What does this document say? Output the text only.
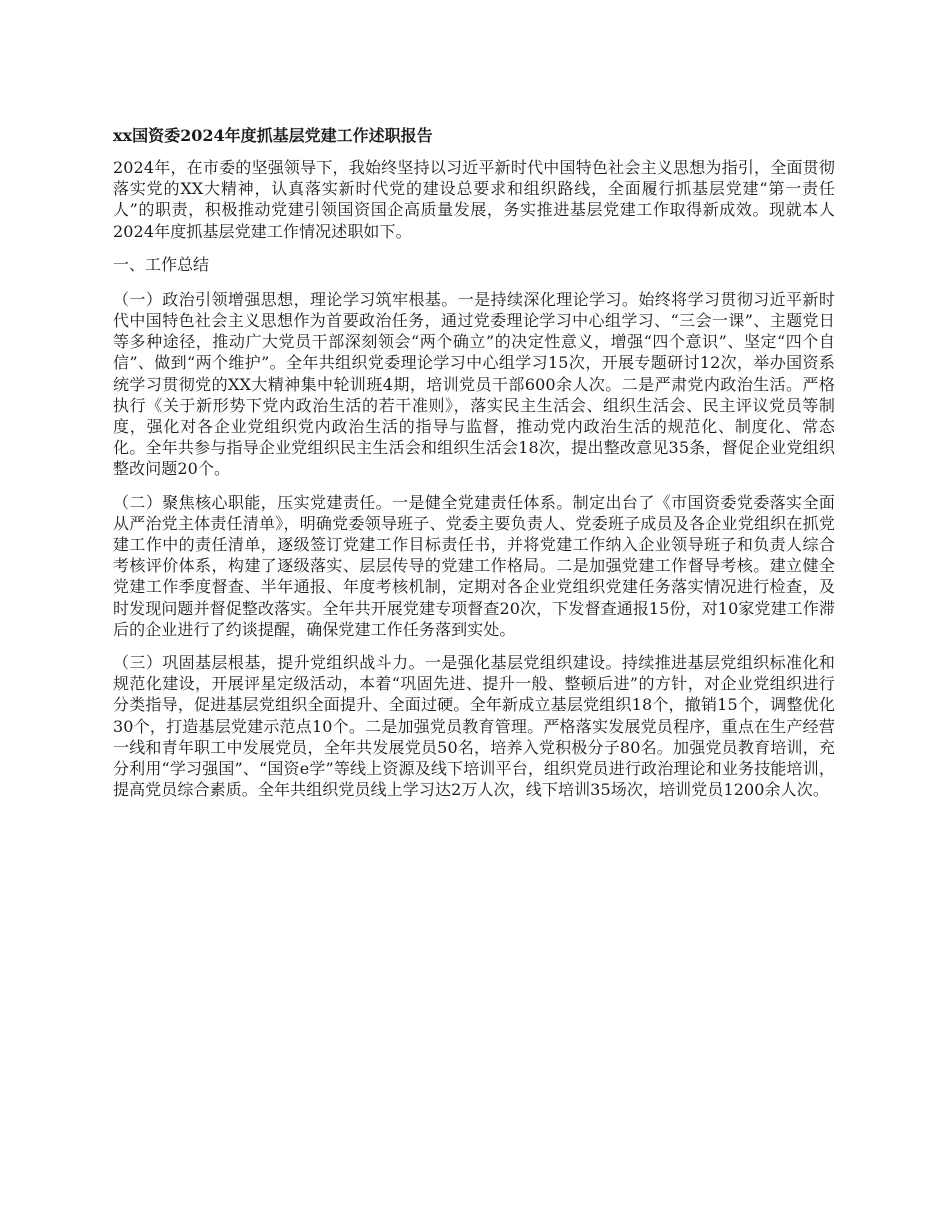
xx国资委2024年度抓基层党建工作述职报告

2024年，在市委的坚强领导下，我始终坚持以习近平新时代中国特色社会主义思想为指引，全面贯彻落实党的XX大精神，认真落实新时代党的建设总要求和组织路线，全面履行抓基层党建“第一责任人”的职责，积极推动党建引领国资国企高质量发展，务实推进基层党建工作取得新成效。现就本人2024年度抓基层党建工作情况述职如下。

一、工作总结

（一）政治引领增强思想，理论学习筑牢根基。一是持续深化理论学习。始终将学习贯彻习近平新时代中国特色社会主义思想作为首要政治任务，通过党委理论学习中心组学习、“三会一课”、主题党日等多种途径，推动广大党员干部深刻领会“两个确立”的决定性意义，增强“四个意识”、坚定“四个自信”、做到“两个维护”。全年共组织党委理论学习中心组学习15次，开展专题研讨12次，举办国资系统学习贯彻党的XX大精神集中轮训班4期，培训党员干部600余人次。二是严肃党内政治生活。严格执行《关于新形势下党内政治生活的若干准则》，落实民主生活会、组织生活会、民主评议党员等制度，强化对各企业党组织党内政治生活的指导与监督，推动党内政治生活的规范化、制度化、常态化。全年共参与指导企业党组织民主生活会和组织生活会18次，提出整改意见35条，督促企业党组织整改问题20个。

（二）聚焦核心职能，压实党建责任。一是健全党建责任体系。制定出台了《市国资委党委落实全面从严治党主体责任清单》，明确党委领导班子、党委主要负责人、党委班子成员及各企业党组织在抓党建工作中的责任清单，逐级签订党建工作目标责任书，并将党建工作纳入企业领导班子和负责人综合考核评价体系，构建了逐级落实、层层传导的党建工作格局。二是加强党建工作督导考核。建立健全党建工作季度督查、半年通报、年度考核机制，定期对各企业党组织党建任务落实情况进行检查，及时发现问题并督促整改落实。全年共开展党建专项督查20次，下发督查通报15份，对10家党建工作滞后的企业进行了约谈提醒，确保党建工作任务落到实处。

（三）巩固基层根基，提升党组织战斗力。一是强化基层党组织建设。持续推进基层党组织标准化和规范化建设，开展评星定级活动，本着“巩固先进、提升一般、整顿后进”的方针，对企业党组织进行分类指导，促进基层党组织全面提升、全面过硬。全年新成立基层党组织18个，撤销15个，调整优化30个，打造基层党建示范点10个。二是加强党员教育管理。严格落实发展党员程序，重点在生产经营一线和青年职工中发展党员，全年共发展党员50名，培养入党积极分子80名。加强党员教育培训，充分利用“学习强国”、“国资e学”等线上资源及线下培训平台，组织党员进行政治理论和业务技能培训，提高党员综合素质。全年共组织党员线上学习达2万人次，线下培训35场次，培训党员1200余人次。
